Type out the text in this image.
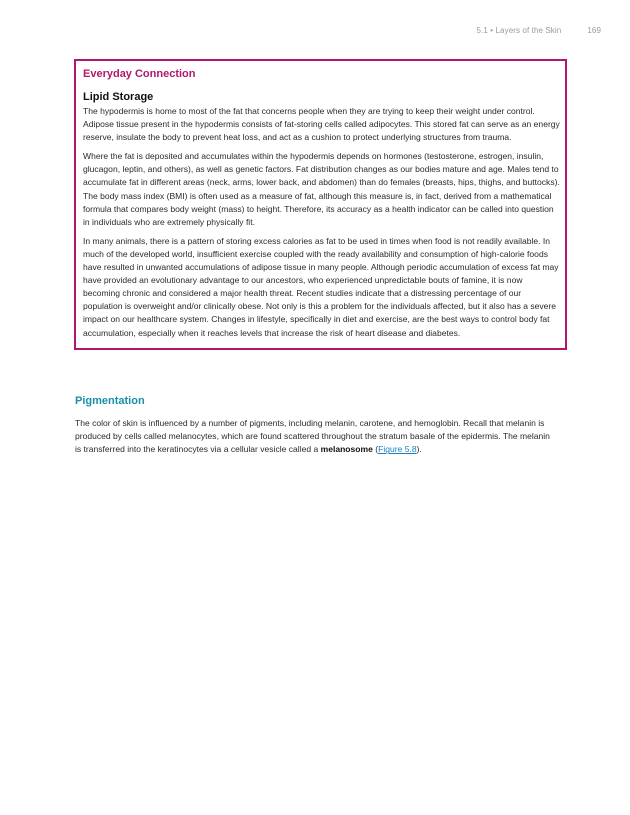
5.1 • Layers of the Skin	169
Everyday Connection
Lipid Storage

The hypodermis is home to most of the fat that concerns people when they are trying to keep their weight under control. Adipose tissue present in the hypodermis consists of fat-storing cells called adipocytes. This stored fat can serve as an energy reserve, insulate the body to prevent heat loss, and act as a cushion to protect underlying structures from trauma.

Where the fat is deposited and accumulates within the hypodermis depends on hormones (testosterone, estrogen, insulin, glucagon, leptin, and others), as well as genetic factors. Fat distribution changes as our bodies mature and age. Males tend to accumulate fat in different areas (neck, arms, lower back, and abdomen) than do females (breasts, hips, thighs, and buttocks). The body mass index (BMI) is often used as a measure of fat, although this measure is, in fact, derived from a mathematical formula that compares body weight (mass) to height. Therefore, its accuracy as a health indicator can be called into question in individuals who are extremely physically fit.

In many animals, there is a pattern of storing excess calories as fat to be used in times when food is not readily available. In much of the developed world, insufficient exercise coupled with the ready availability and consumption of high-calorie foods have resulted in unwanted accumulations of adipose tissue in many people. Although periodic accumulation of excess fat may have provided an evolutionary advantage to our ancestors, who experienced unpredictable bouts of famine, it is now becoming chronic and considered a major health threat. Recent studies indicate that a distressing percentage of our population is overweight and/or clinically obese. Not only is this a problem for the individuals affected, but it also has a severe impact on our healthcare system. Changes in lifestyle, specifically in diet and exercise, are the best ways to control body fat accumulation, especially when it reaches levels that increase the risk of heart disease and diabetes.

Pigmentation

The color of skin is influenced by a number of pigments, including melanin, carotene, and hemoglobin. Recall that melanin is produced by cells called melanocytes, which are found scattered throughout the stratum basale of the epidermis. The melanin is transferred into the keratinocytes via a cellular vesicle called a melanosome (Figure 5.8).
